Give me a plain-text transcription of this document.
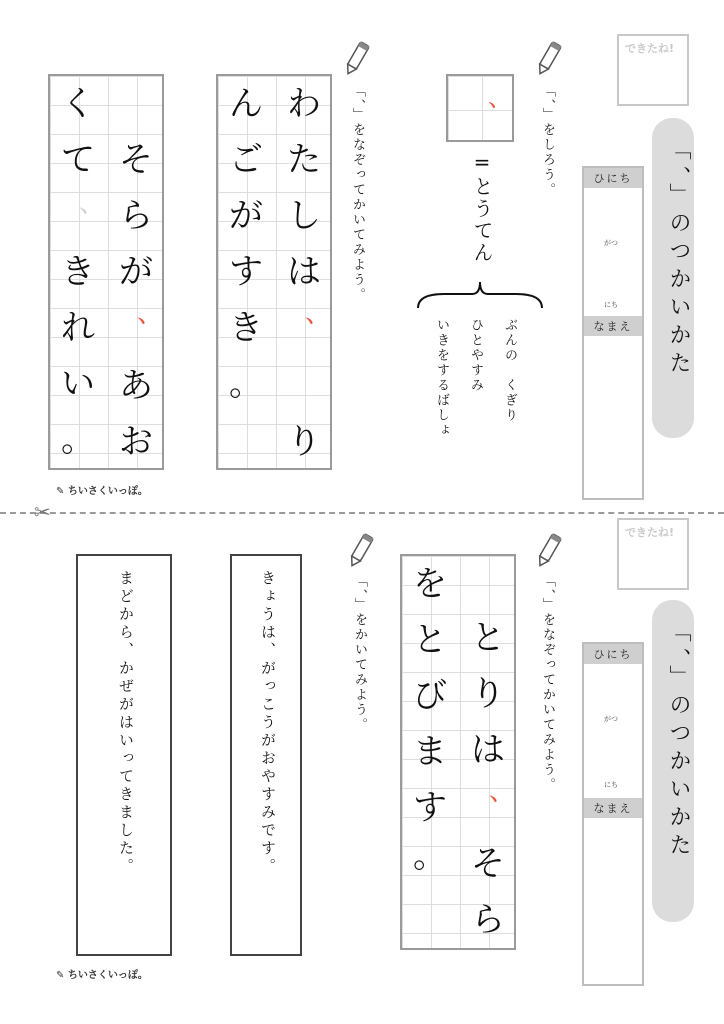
できたね!
「、」のつかいかた
ひにち
がつ
にち
なまえ
「、」をしろう。
、
=とうてん
ぶんの　くぎり
ひとやすみ
いきをするばしょ
「、」をなぞってかいてみよう。
わ
た
し
は
、
り
ん
ご
が
す
き
。
そ
ら
が
、
あ
お
く
て
、
き
れ
い
。
✎ ちいさくいっぽ。
✂
できたね!
「、」のつかいかた
ひにち
がつ
にち
なまえ
「、」をなぞってかいてみよう。
「、」をかいてみよう。	と
り
は
、
そ
ら
を
と
び
ま
す
。
きょうは、がっこうがおやすみです。
まどから、かぜがはいってきました。
✎ ちいさくいっぽ。
